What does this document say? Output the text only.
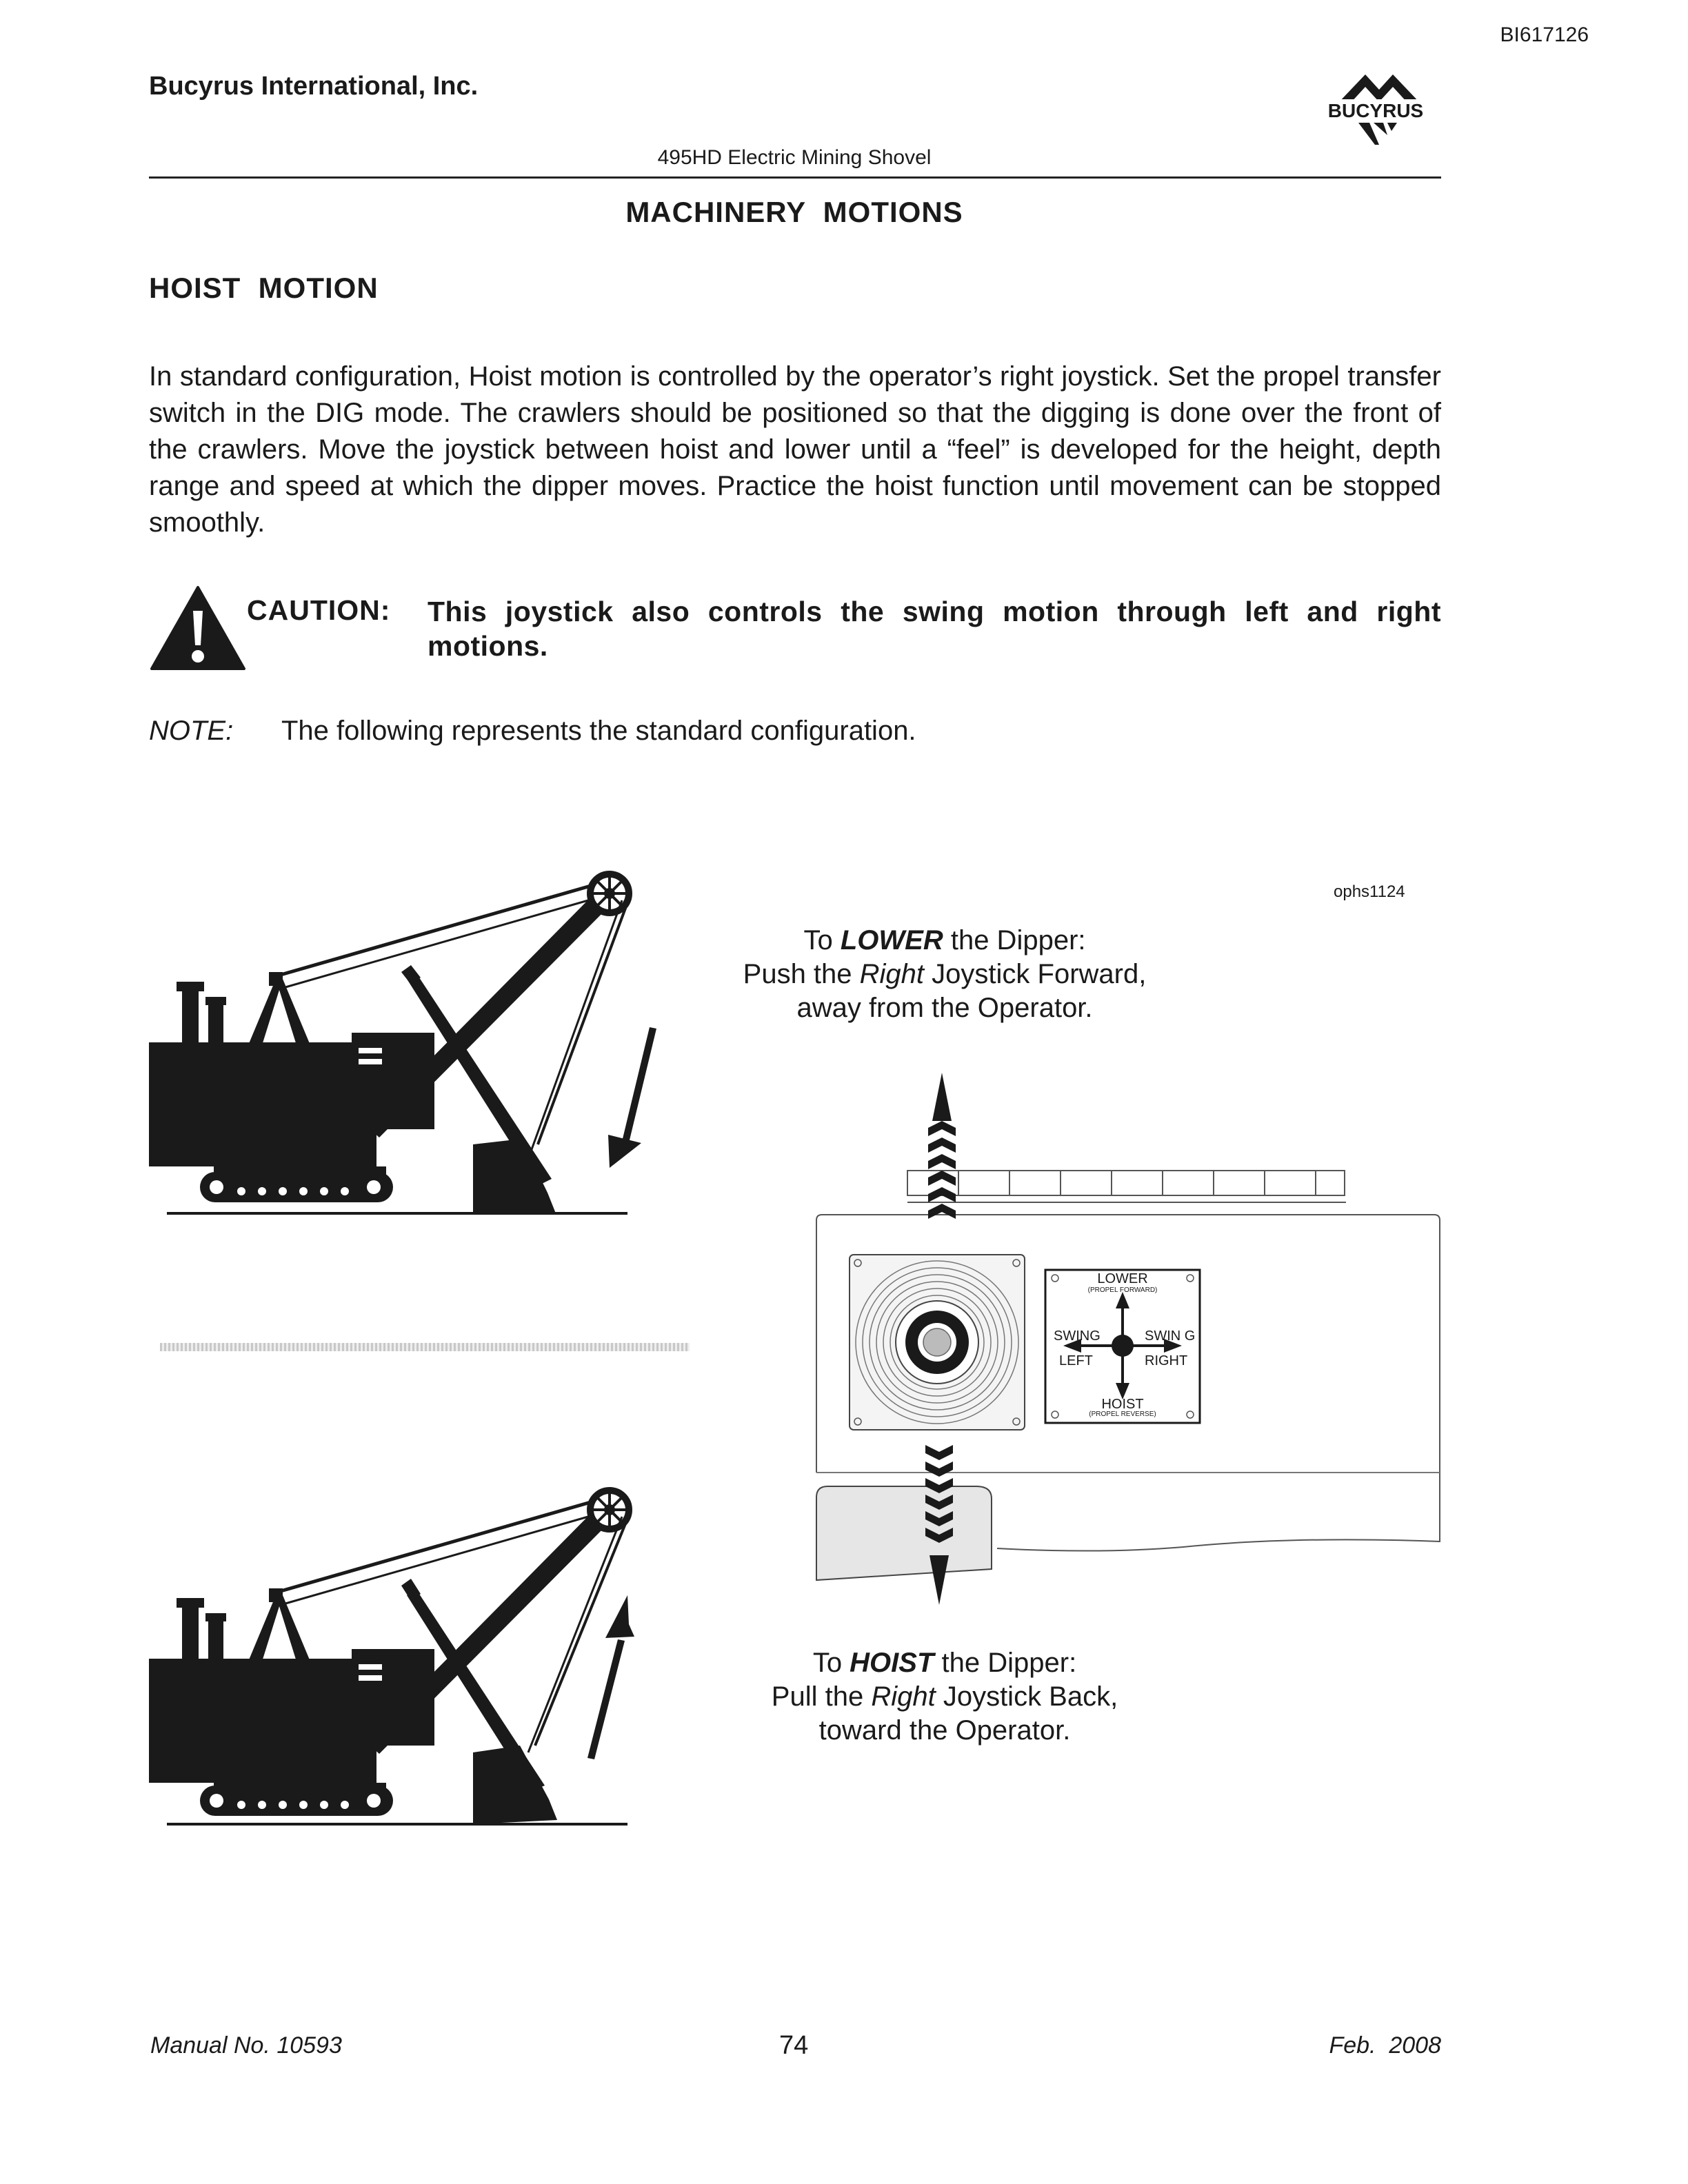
BI617126
Bucyrus International, Inc.
BUCYRUS
495HD Electric Mining Shovel
MACHINERY  MOTIONS
HOIST  MOTION
In standard configuration, Hoist motion is controlled by the operator’s right joystick. Set the propel transfer switch in the DIG mode. The crawlers should be positioned so that the digging is done over the front of the crawlers. Move the joystick between hoist and lower until a “feel” is developed for the height, depth range and speed at which the dipper moves. Practice the hoist function until movement can be stopped smoothly.
CAUTION: This joystick also controls the swing motion through left and right motions.
NOTE: The following represents the standard configuration.
ophs1124
To LOWER the Dipper:
Push the Right Joystick Forward,
away from the Operator.
LOWER
(PROPEL FORWARD)
SWING
LEFT
SWIN G
RIGHT
HOIST
(PROPEL REVERSE)
To HOIST the Dipper:
Pull the Right Joystick Back,
toward the Operator.
Manual No. 10593	74	Feb.  2008
